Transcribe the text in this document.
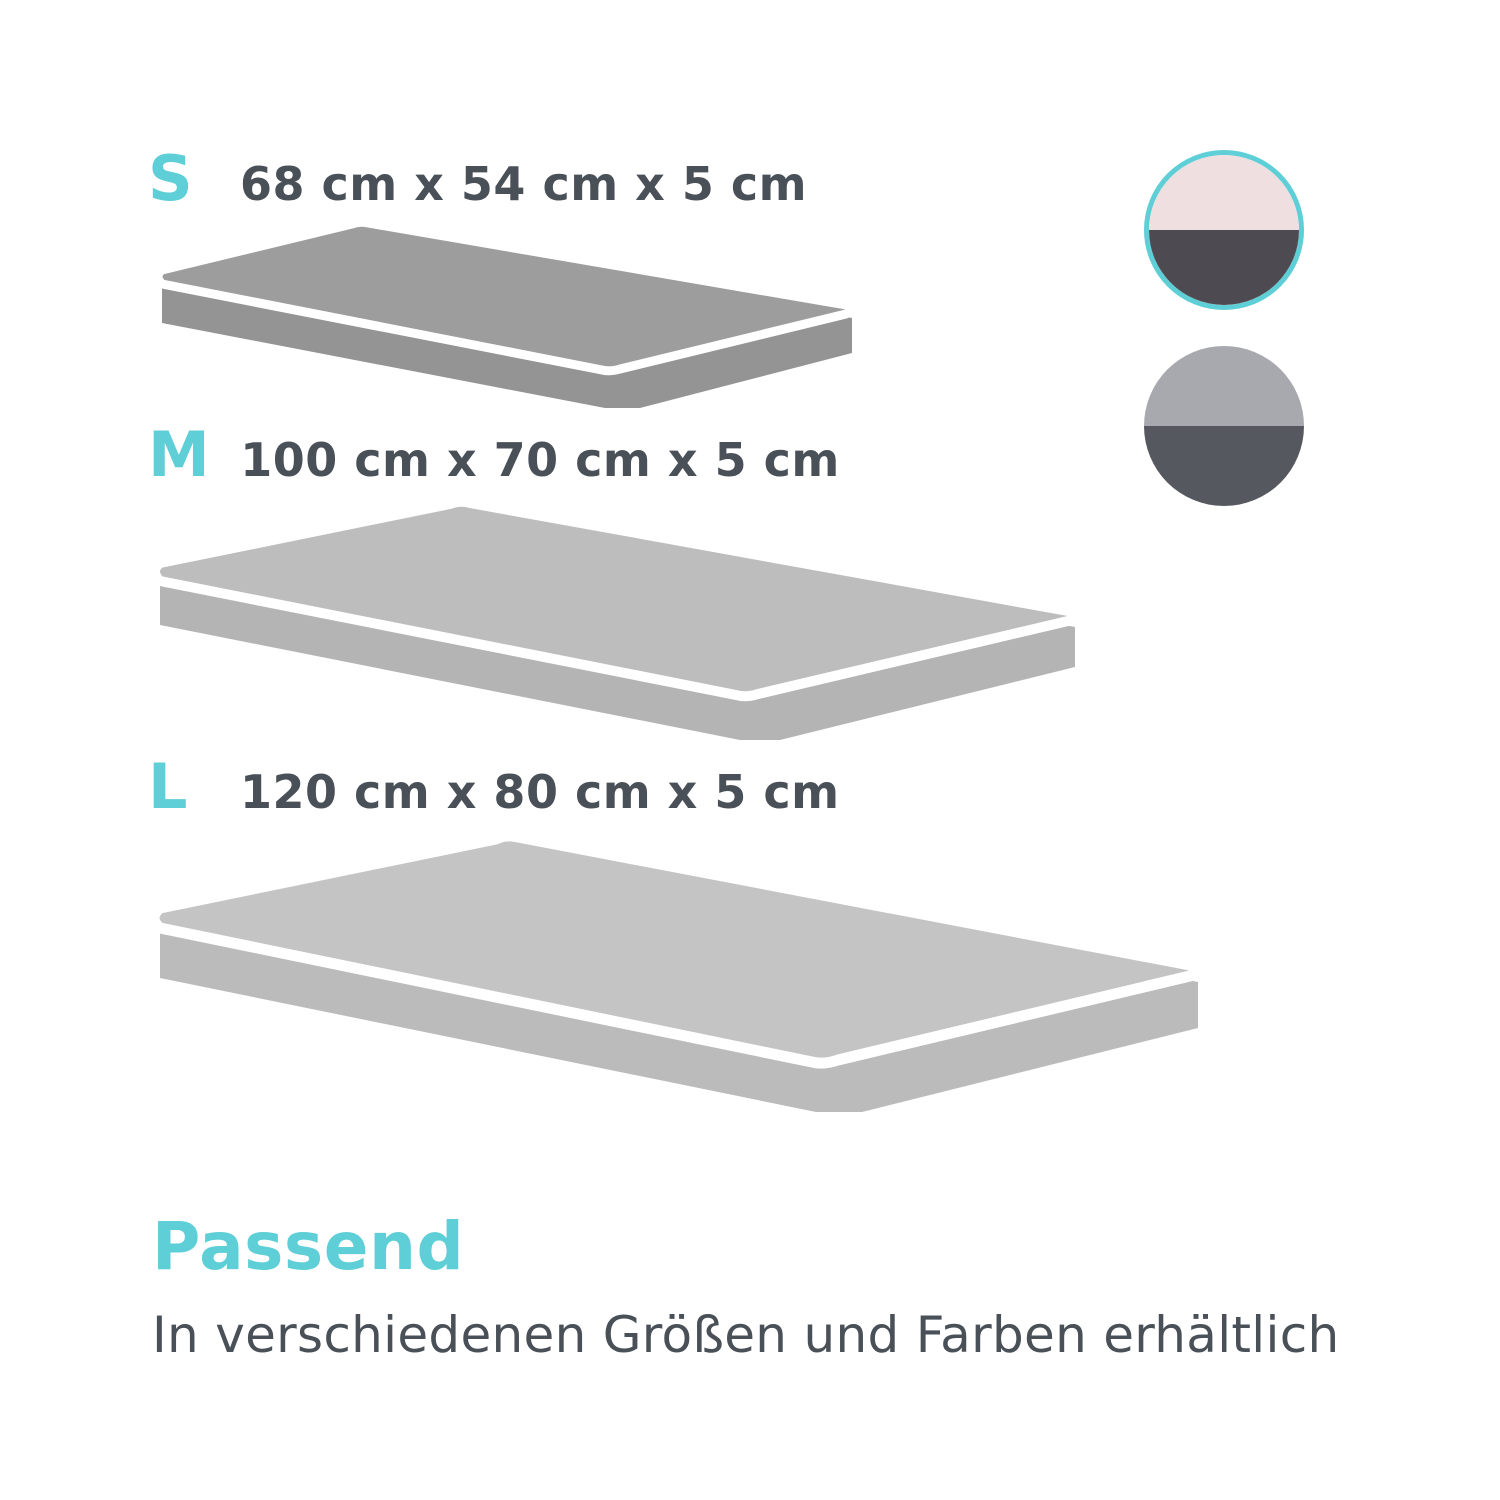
S	68 cm x 54 cm x 5 cm
M 100 cm x 70 cm x 5 cm
L	120 cm x 80 cm x 5 cm
Passend
In verschiedenen Größen und Farben erhältlich
